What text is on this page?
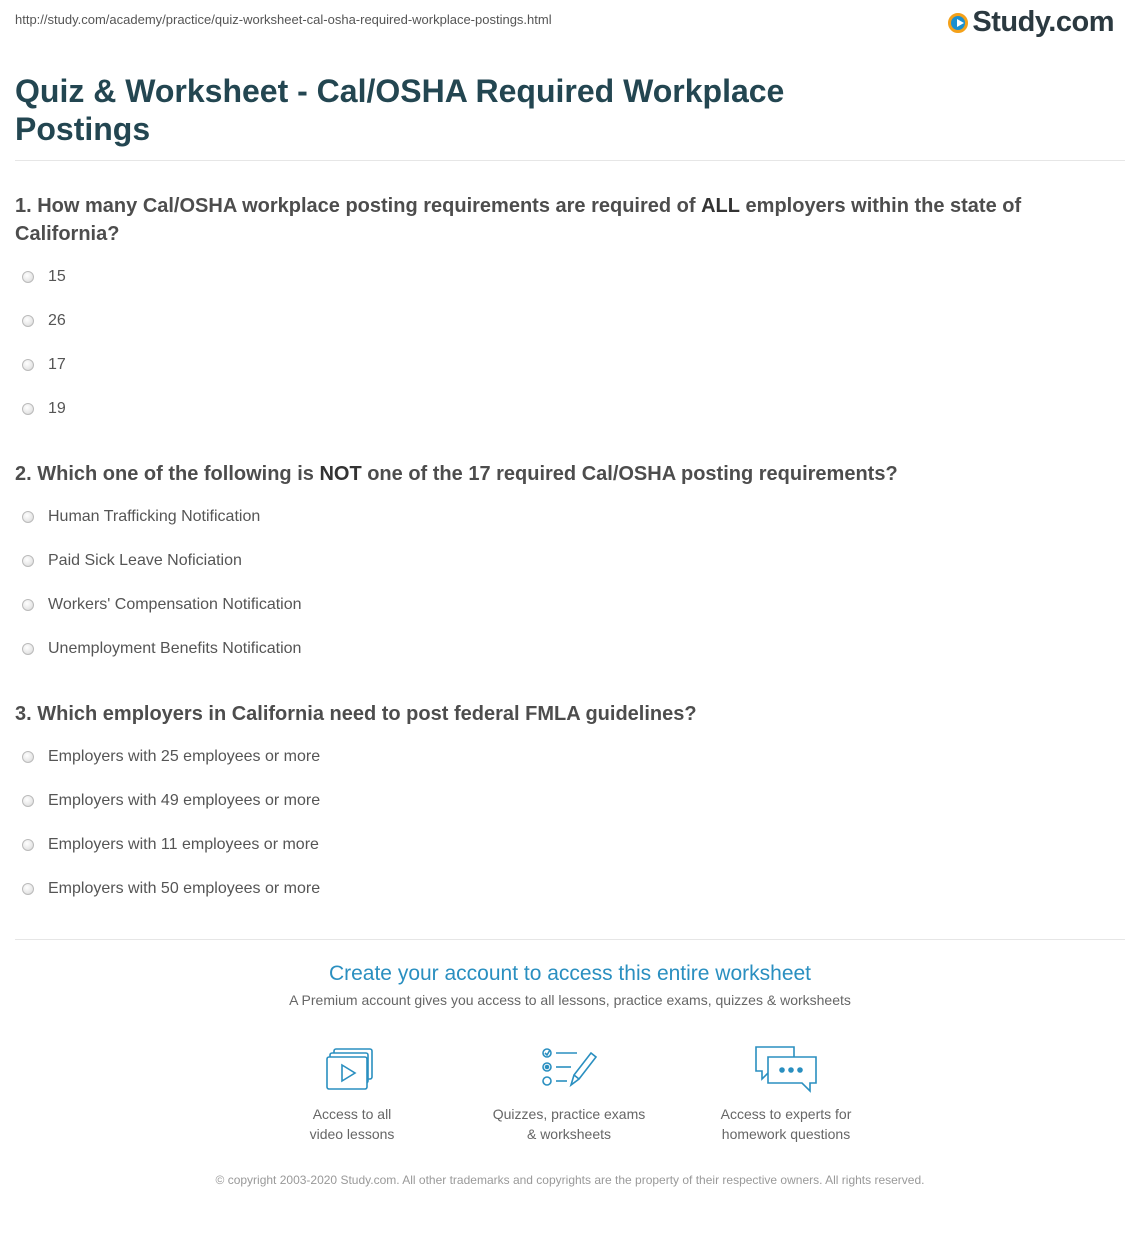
http://study.com/academy/practice/quiz-worksheet-cal-osha-required-workplace-postings.html	Study.com
Quiz & Worksheet - Cal/OSHA Required Workplace Postings
1. How many Cal/OSHA workplace posting requirements are required of ALL employers within the state of California?
15
26
17
19
2. Which one of the following is NOT one of the 17 required Cal/OSHA posting requirements?
Human Trafficking Notification
Paid Sick Leave Noficiation
Workers' Compensation Notification
Unemployment Benefits Notification
3. Which employers in California need to post federal FMLA guidelines?
Employers with 25 employees or more
Employers with 49 employees or more
Employers with 11 employees or more
Employers with 50 employees or more
Create your account to access this entire worksheet
A Premium account gives you access to all lessons, practice exams, quizzes & worksheets
Access to all
video lessons
Quizzes, practice exams
& worksheets
Access to experts for
homework questions
© copyright 2003-2020 Study.com. All other trademarks and copyrights are the property of their respective owners. All rights reserved.
